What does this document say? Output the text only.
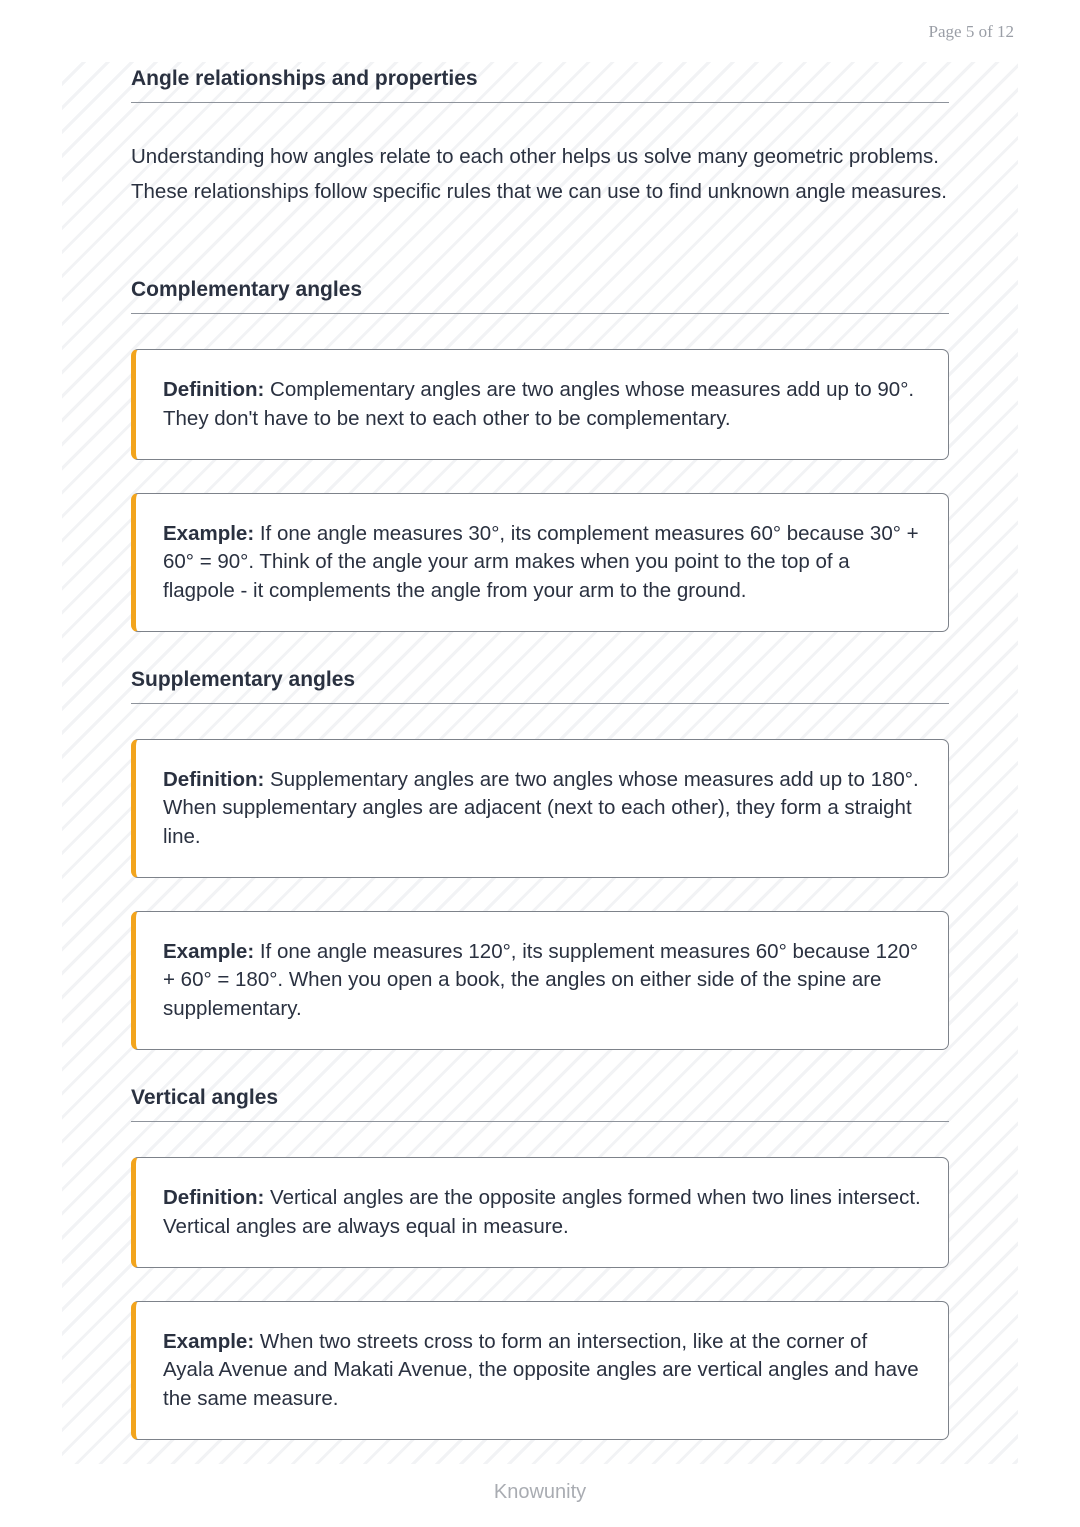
Page 5 of 12
Angle relationships and properties

Understanding how angles relate to each other helps us solve many geometric problems. These relationships follow specific rules that we can use to find unknown angle measures.

Complementary angles

Definition: Complementary angles are two angles whose measures add up to 90°. They don't have to be next to each other to be complementary.

Example: If one angle measures 30°, its complement measures 60° because 30° + 60° = 90°. Think of the angle your arm makes when you point to the top of a flagpole - it complements the angle from your arm to the ground.

Supplementary angles

Definition: Supplementary angles are two angles whose measures add up to 180°. When supplementary angles are adjacent (next to each other), they form a straight line.

Example: If one angle measures 120°, its supplement measures 60° because 120° + 60° = 180°. When you open a book, the angles on either side of the spine are supplementary.

Vertical angles

Definition: Vertical angles are the opposite angles formed when two lines intersect. Vertical angles are always equal in measure.

Example: When two streets cross to form an intersection, like at the corner of Ayala Avenue and Makati Avenue, the opposite angles are vertical angles and have the same measure.

Knowunity
